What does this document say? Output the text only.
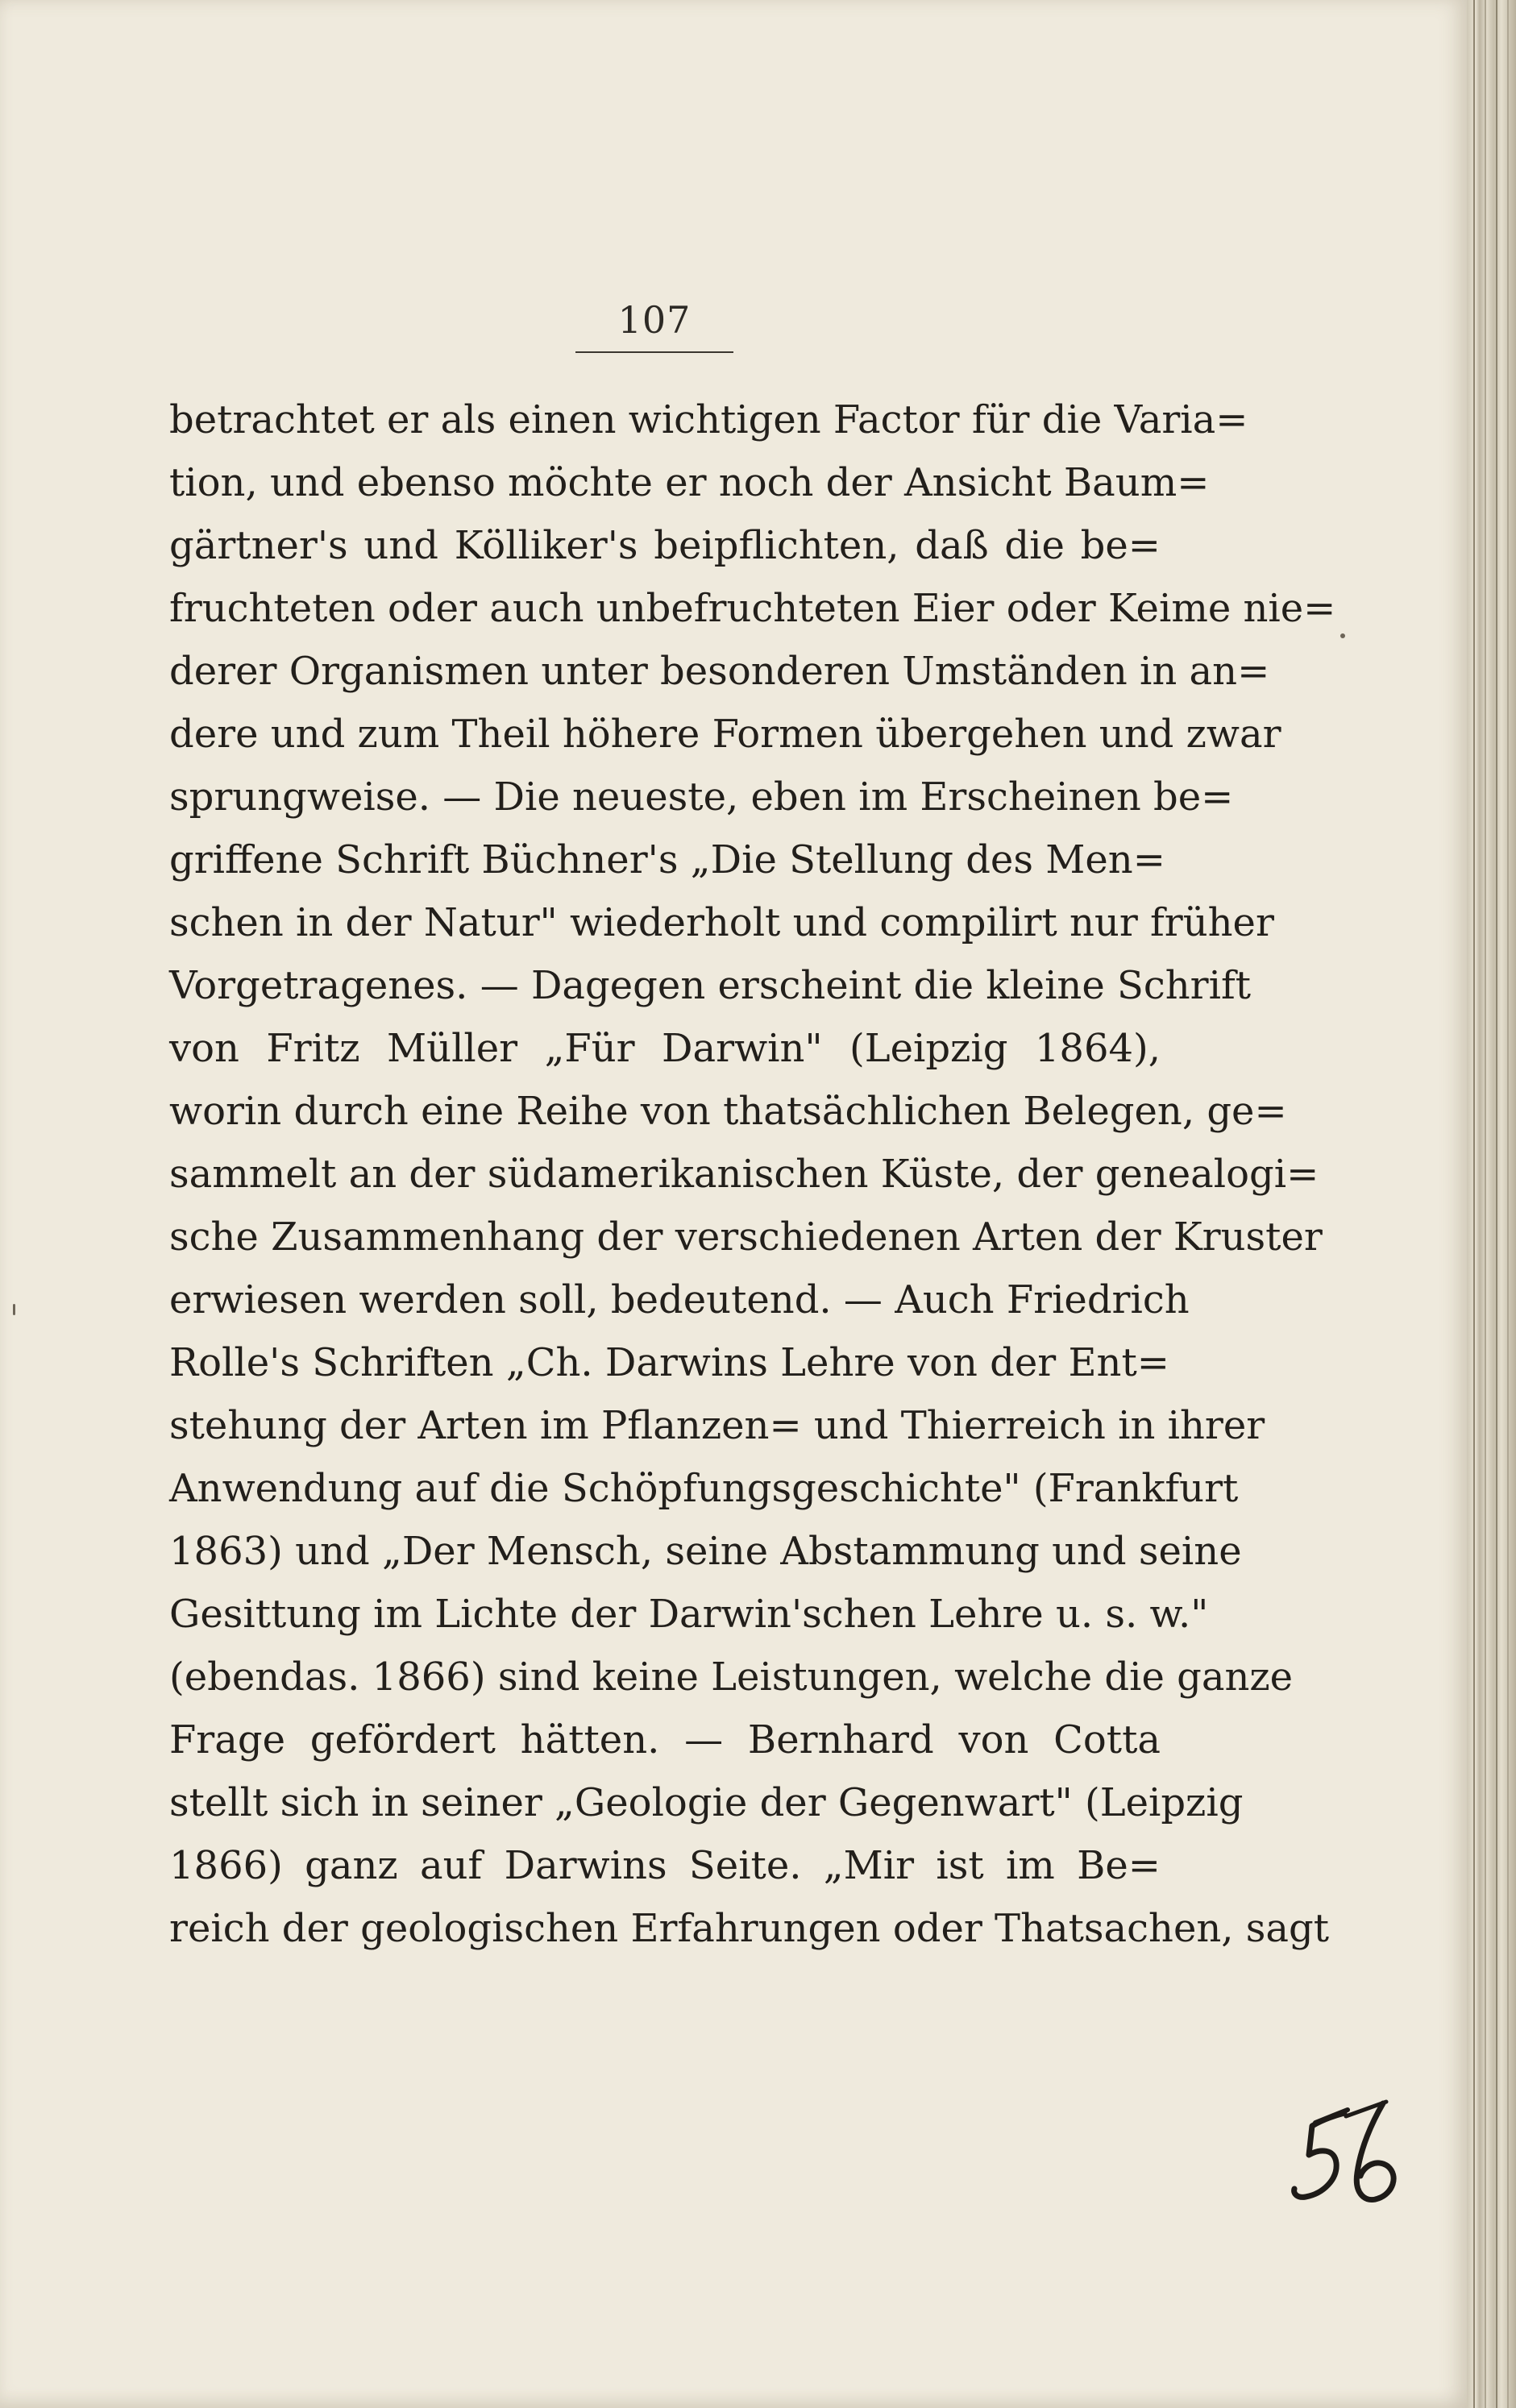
107
betrachtet er als einen wichtigen Factor für die Varia=
tion, und ebenso möchte er noch der Ansicht Baum=
gärtner's und Kölliker's beipflichten, daß die be=
fruchteten oder auch unbefruchteten Eier oder Keime nie=
derer Organismen unter besonderen Umständen in an=
dere und zum Theil höhere Formen übergehen und zwar
sprungweise. — Die neueste, eben im Erscheinen be=
griffene Schrift Büchner's „Die Stellung des Men=
schen in der Natur" wiederholt und compilirt nur früher
Vorgetragenes. — Dagegen erscheint die kleine Schrift
von Fritz Müller „Für Darwin" (Leipzig 1864),
worin durch eine Reihe von thatsächlichen Belegen, ge=
sammelt an der südamerikanischen Küste, der genealogi=
sche Zusammenhang der verschiedenen Arten der Kruster
erwiesen werden soll, bedeutend. — Auch Friedrich
Rolle's Schriften „Ch. Darwins Lehre von der Ent=
stehung der Arten im Pflanzen= und Thierreich in ihrer
Anwendung auf die Schöpfungsgeschichte" (Frankfurt
1863) und „Der Mensch, seine Abstammung und seine
Gesittung im Lichte der Darwin'schen Lehre u. s. w."
(ebendas. 1866) sind keine Leistungen, welche die ganze
Frage gefördert hätten. — Bernhard von Cotta
stellt sich in seiner „Geologie der Gegenwart" (Leipzig
1866) ganz auf Darwins Seite. „Mir ist im Be=
reich der geologischen Erfahrungen oder Thatsachen, sagt
